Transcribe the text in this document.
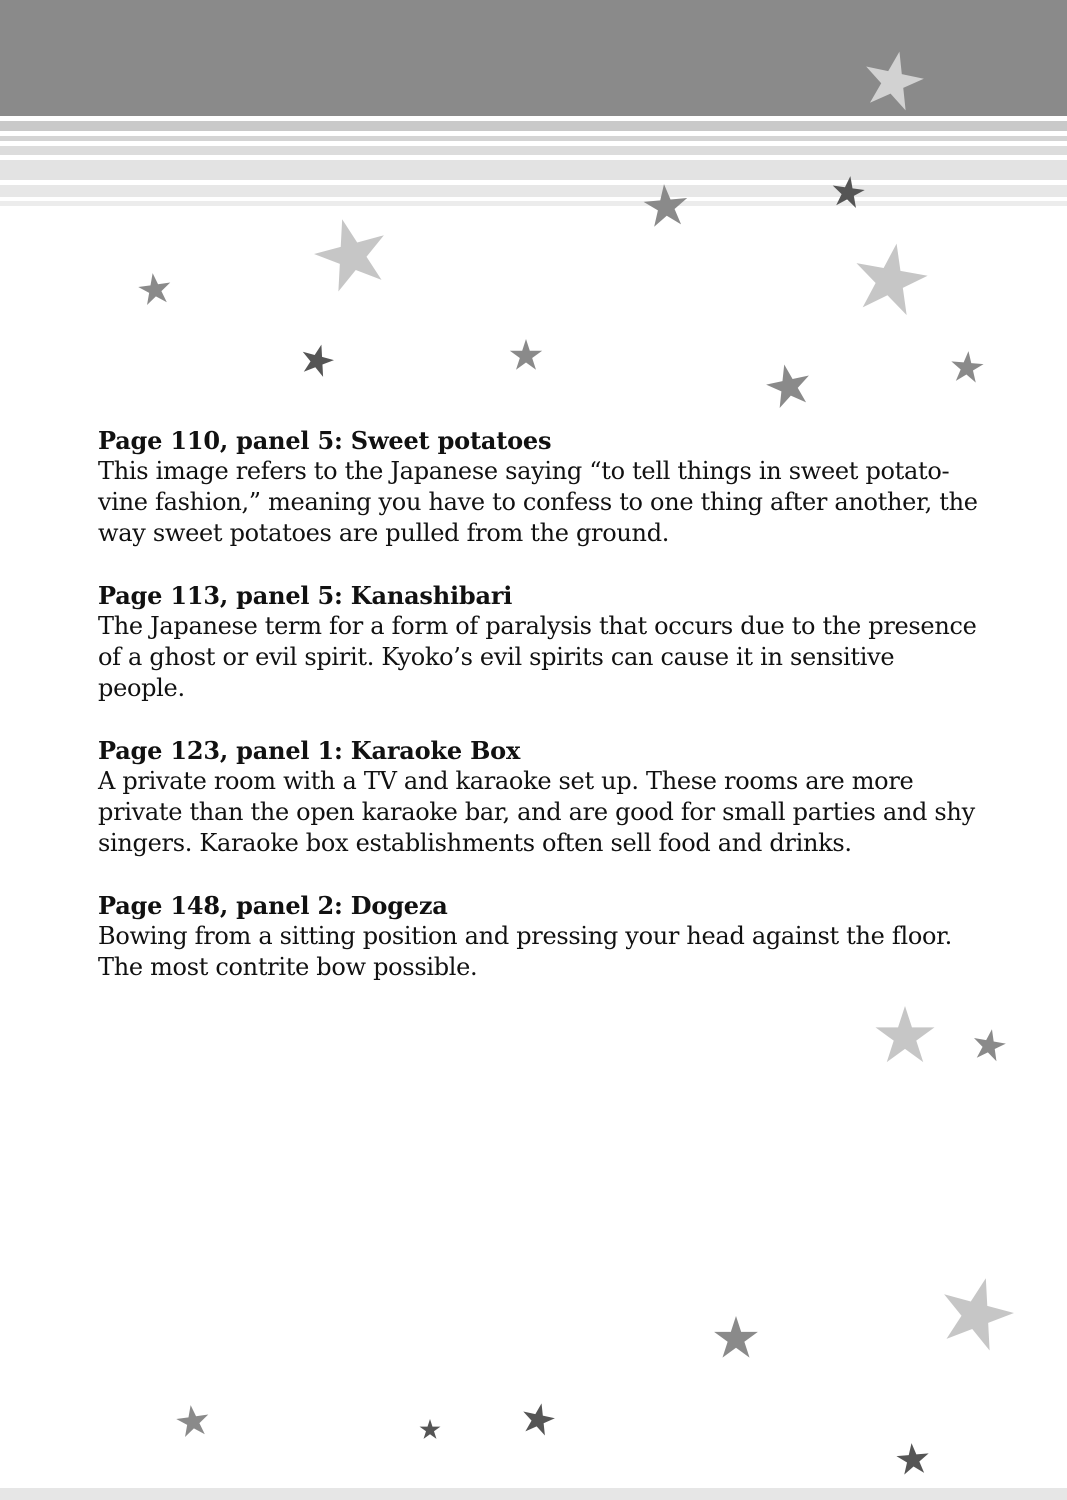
Page 110, panel 5: Sweet potatoes

This image refers to the Japanese saying “to tell things in sweet potato-vine fashion,” meaning you have to confess to one thing after another, the way sweet potatoes are pulled from the ground.

Page 113, panel 5: Kanashibari

The Japanese term for a form of paralysis that occurs due to the presence of a ghost or evil spirit. Kyoko’s evil spirits can cause it in sensitive people.

Page 123, panel 1: Karaoke Box

A private room with a TV and karaoke set up. These rooms are more private than the open karaoke bar, and are good for small parties and shy singers. Karaoke box establishments often sell food and drinks.

Page 148, panel 2: Dogeza

Bowing from a sitting position and pressing your head against the floor. The most contrite bow possible.
